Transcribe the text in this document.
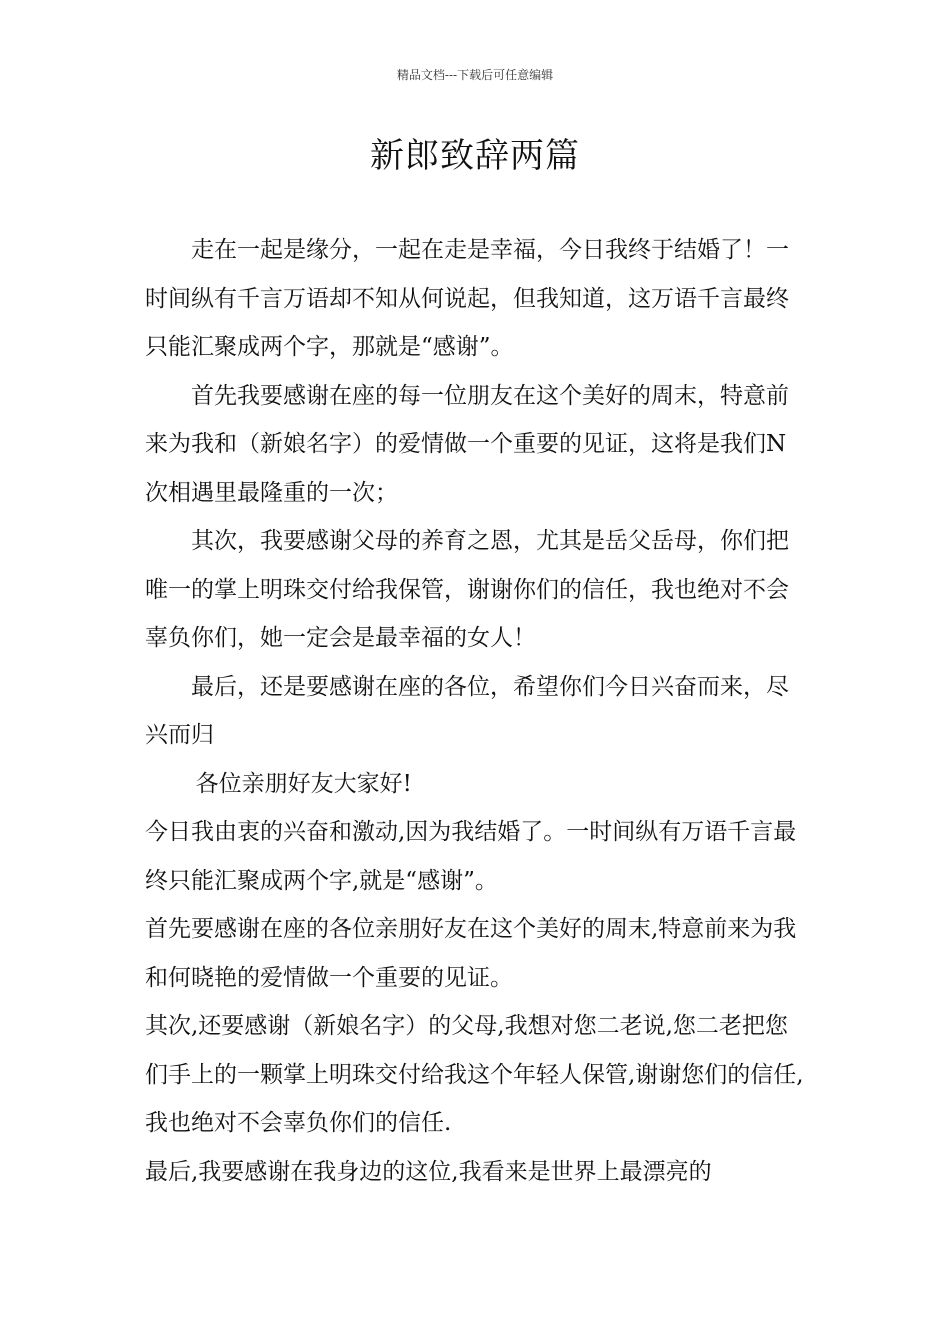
精品文档---下载后可任意编辑
新郎致辞两篇

走在一起是缘分，一起在走是幸福，今日我终于结婚了！一时间纵有千言万语却不知从何说起，但我知道，这万语千言最终只能汇聚成两个字，那就是“感谢”。

首先我要感谢在座的每一位朋友在这个美好的周末，特意前来为我和（新娘名字）的爱情做一个重要的见证，这将是我们N次相遇里最隆重的一次；

其次，我要感谢父母的养育之恩，尤其是岳父岳母，你们把唯一的掌上明珠交付给我保管，谢谢你们的信任，我也绝对不会辜负你们，她一定会是最幸福的女人！

最后，还是要感谢在座的各位，希望你们今日兴奋而来，尽兴而归

各位亲朋好友大家好!

今日我由衷的兴奋和激动,因为我结婚了。一时间纵有万语千言最终只能汇聚成两个字,就是“感谢”。

首先要感谢在座的各位亲朋好友在这个美好的周末,特意前来为我和何晓艳的爱情做一个重要的见证。

其次,还要感谢（新娘名字）的父母,我想对您二老说,您二老把您们手上的一颗掌上明珠交付给我这个年轻人保管,谢谢您们的信任,我也绝对不会辜负你们的信任.

最后,我要感谢在我身边的这位,我看来是世界上最漂亮的
